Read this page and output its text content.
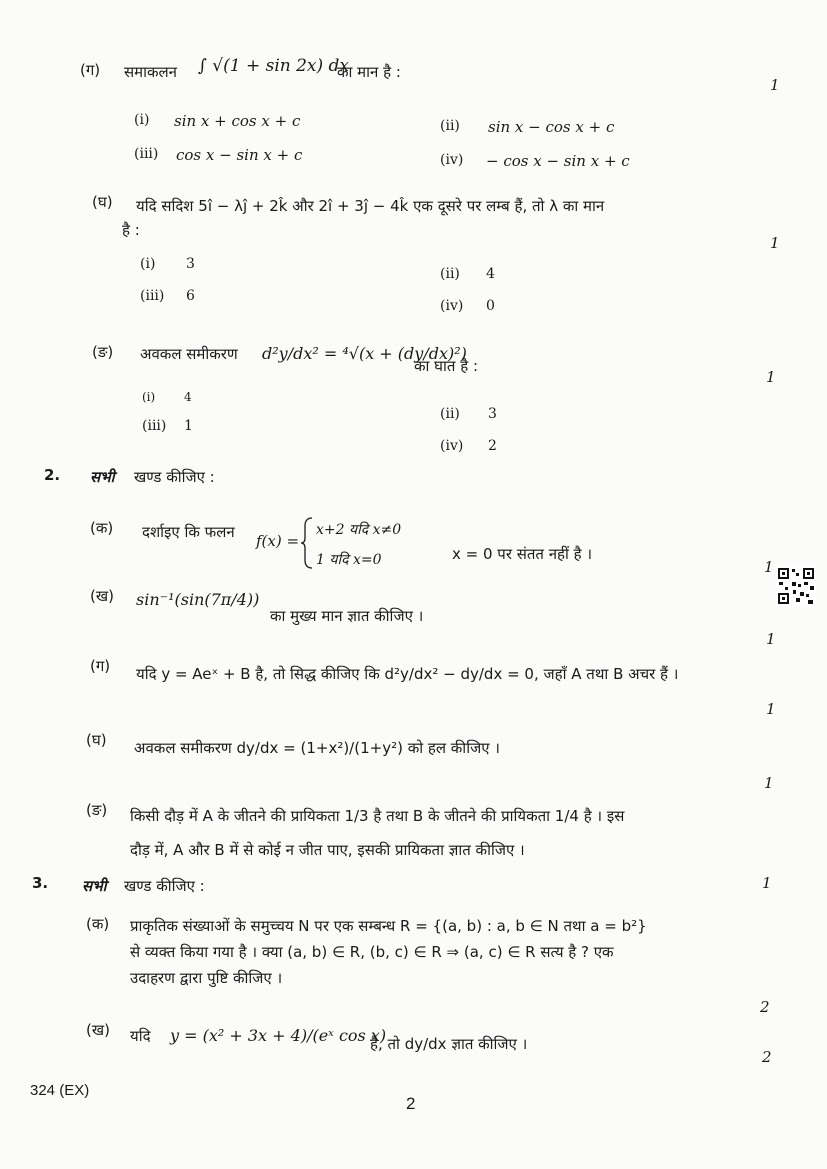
(ग) समाकलन ∫ √(1 + sin 2x) dx
का मान है :
1
(i) sin x + cos x + c	(ii) sin x − cos x + c
(iii) cos x − sin x + c	(iv) − cos x − sin x + c
(घ) यदि सदिश 5î − λĵ + 2k̂ और 2î + 3ĵ − 4k̂ एक दूसरे पर लम्ब हैं, तो λ का मान
है :
1
(i) 3
(ii) 4
(iii) 6
(iv) 0
(ङ) अवकल समीकरण d²y/dx² = ⁴√(x + (dy/dx)²)
का घात है :
1
(i) 4
(ii) 3
(iii) 1
(iv) 2
2. सभी खण्ड कीजिए :
(क) दर्शाइए कि फलन f(x) =
x+2 यदि x≠0
1 यदि x=0	x = 0 पर संतत नहीं है ।
1
(ख) sin⁻¹(sin(7π/4))
का मुख्य मान ज्ञात कीजिए ।
1
(ग) यदि y = Aeˣ + B है, तो सिद्ध कीजिए कि d²y/dx² − dy/dx = 0, जहाँ A तथा B अचर हैं ।
1
(घ) अवकल समीकरण dy/dx = (1+x²)/(1+y²) को हल कीजिए ।
1
(ङ) किसी दौड़ में A के जीतने की प्रायिकता 1/3 है तथा B के जीतने की प्रायिकता 1/4 है । इस
दौड़ में, A और B में से कोई न जीत पाए, इसकी प्रायिकता ज्ञात कीजिए ।
1
3. सभी खण्ड कीजिए :
(क) प्राकृतिक संख्याओं के समुच्चय N पर एक सम्बन्ध R = {(a, b) : a, b ∈ N तथा a = b²}
से व्यक्त किया गया है । क्या (a, b) ∈ R, (b, c) ∈ R ⇒ (a, c) ∈ R सत्य है ? एक
उदाहरण द्वारा पुष्टि कीजिए ।
2
(ख) यदि y = (x² + 3x + 4)/(eˣ cos x)
है, तो dy/dx ज्ञात कीजिए ।
2
324 (EX)
2
